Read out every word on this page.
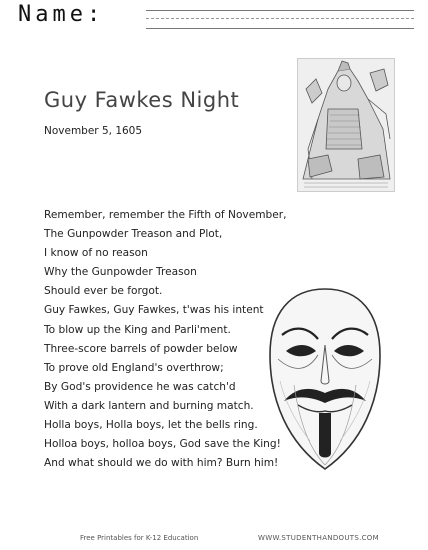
Name:
Guy Fawkes Night
November 5, 1605
Remember, remember the Fifth of November,
The Gunpowder Treason and Plot,
I know of no reason
Why the Gunpowder Treason
Should ever be forgot.
Guy Fawkes, Guy Fawkes, t'was his intent
To blow up the King and Parli'ment.
Three-score barrels of powder below
To prove old England's overthrow;
By God's providence he was catch'd
With a dark lantern and burning match.
Holla boys, Holla boys, let the bells ring.
Holloa boys, holloa boys, God save the King!
And what should we do with him? Burn him!
Free Printables for K-12 Education	WWW.STUDENTHANDOUTS.COM
